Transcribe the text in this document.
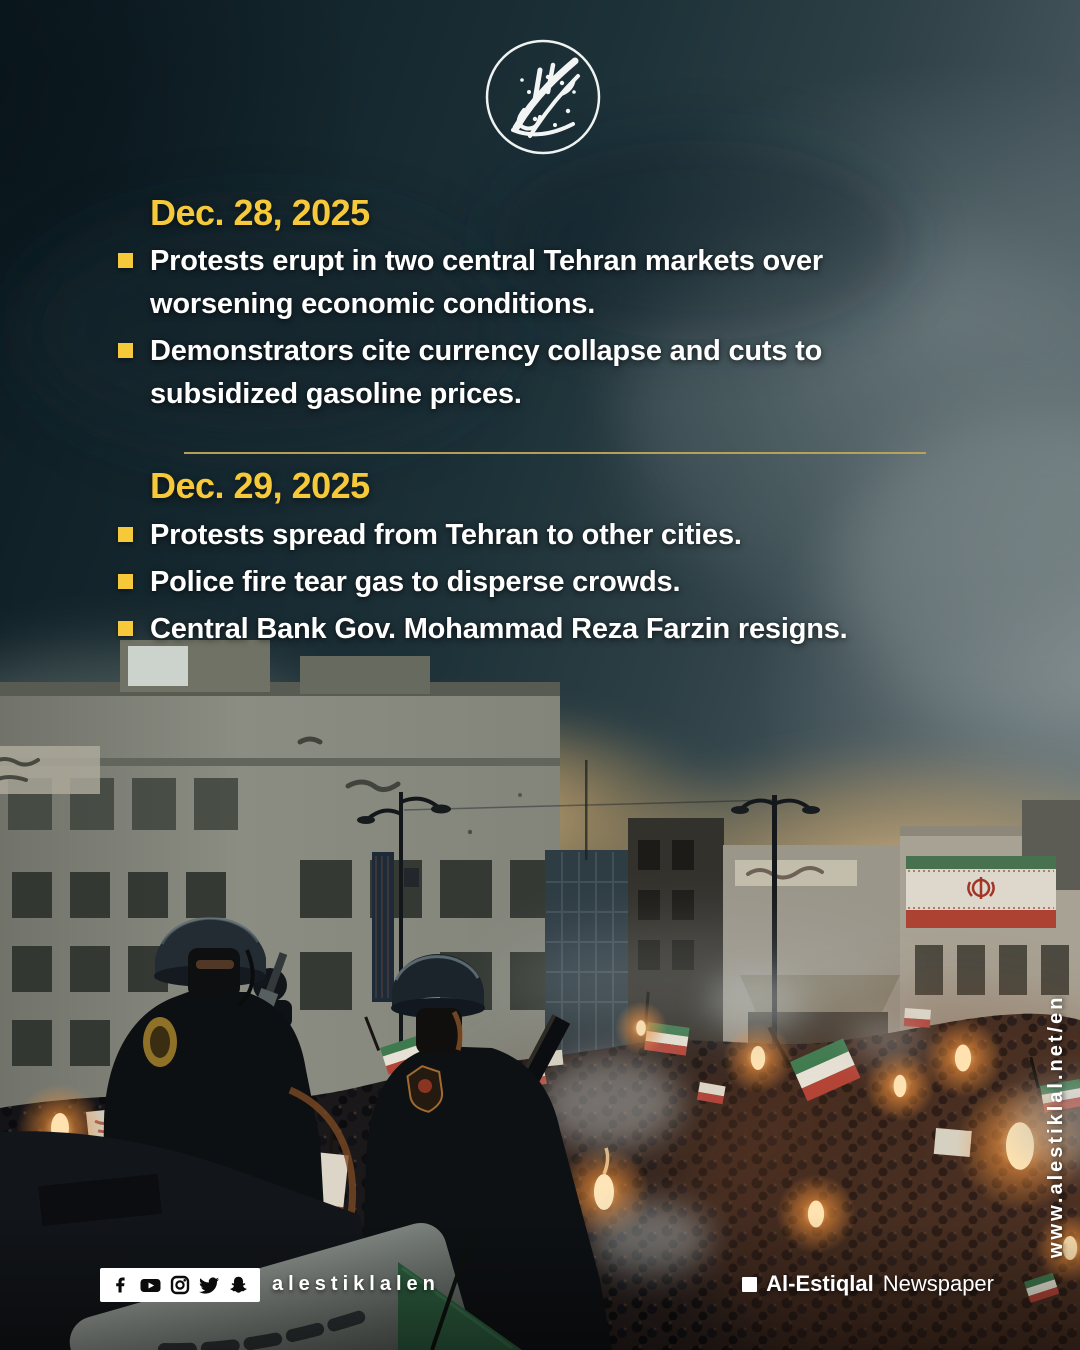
Dec. 28, 2025
Protests erupt in two central Tehran markets over worsening economic conditions.
Demonstrators cite currency collapse and cuts to subsidized gasoline prices.
Dec. 29, 2025
Protests spread from Tehran to other cities.
Police fire tear gas to disperse crowds.
Central Bank Gov. Mohammad Reza Farzin resigns.
alestiklalen	Al-Estiqlal Newspaper
www.alestiklal.net/en
